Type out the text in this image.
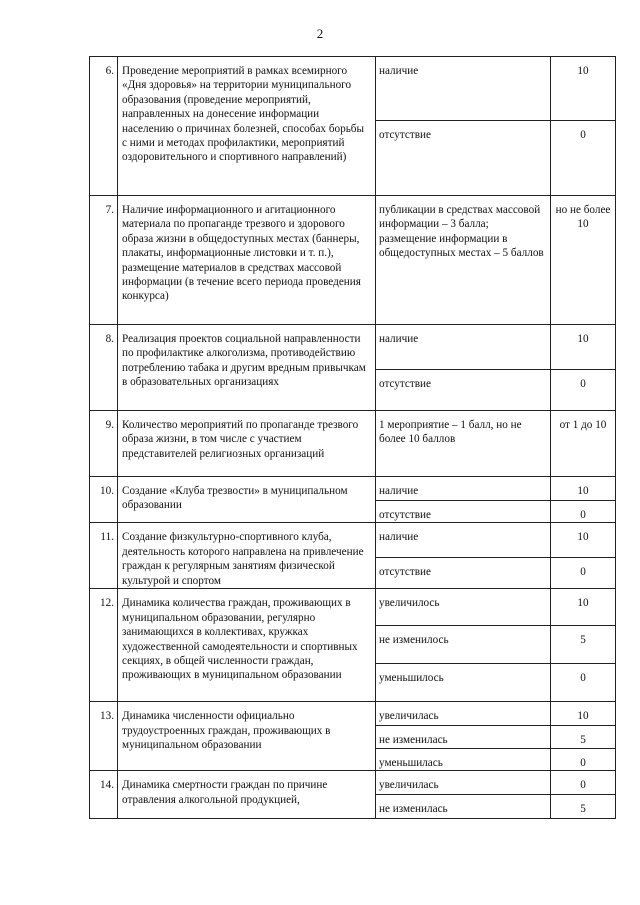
2
6.	Проведение мероприятий в рамках всемирного «Дня здоровья» на территории муниципального образования (проведение мероприятий, направленных на донесение информации населению о причинах болезней, способах борьбы с ними и методах профилактики, мероприятий оздоровительного и спортивного направлений)	наличие	10
		отсутствие	0
7.	Наличие информационного и агитационного материала по пропаганде трезвого и здорового образа жизни в общедоступных местах (баннеры, плакаты, информационные листовки и т. п.), размещение материалов в средствах массовой информации (в течение всего периода проведения конкурса)	публикации в средствах массовой информации – 3 балла; размещение информации в общедоступных местах – 5 баллов	но не более 10
8.	Реализация проектов социальной направленности по профилактике алкоголизма, противодействию потреблению табака и другим вредным привычкам в образовательных организациях	наличие	10
		отсутствие	0
9.	Количество мероприятий по пропаганде трезвого образа жизни, в том числе с участием представителей религиозных организаций	1 мероприятие – 1 балл, но не более 10 баллов	от 1 до 10
10.	Создание «Клуба трезвости» в муниципальном образовании	наличие	10
		отсутствие	0
11.	Создание физкультурно-спортивного клуба, деятельность которого направлена на привлечение граждан к регулярным занятиям физической культурой и спортом	наличие	10
		отсутствие	0
12.	Динамика количества граждан, проживающих в муниципальном образовании, регулярно занимающихся в коллективах, кружках художественной самодеятельности и спортивных секциях, в общей численности граждан, проживающих в муниципальном образовании	увеличилось	10
		не изменилось	5
		уменьшилось	0
13.	Динамика численности официально трудоустроенных граждан, проживающих в муниципальном образовании	увеличилась	10
		не изменилась	5
		уменьшилась	0
14.	Динамика смертности граждан по причине отравления алкогольной продукцией,	увеличилась	0
		не изменилась	5
